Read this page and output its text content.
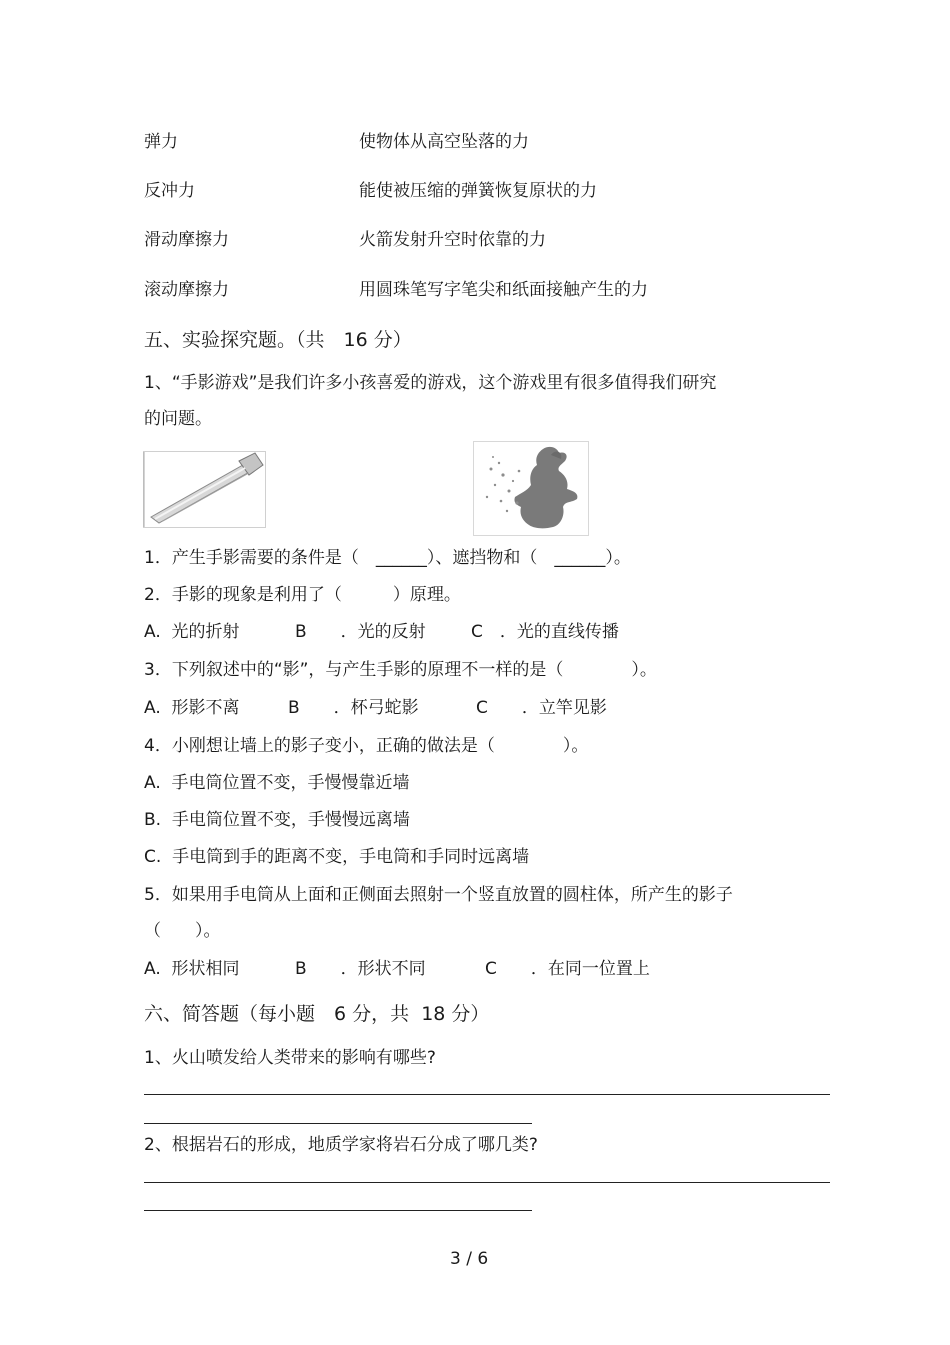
弹力	使物体从高空坠落的力
反冲力	能使被压缩的弹簧恢复原状的力
滑动摩擦力	火箭发射升空时依靠的力
滚动摩擦力	用圆珠笔写字笔尖和纸面接触产生的力
五、实验探究题。（共　16 分）
1、“手影游戏”是我们许多小孩喜爱的游戏，这个游戏里有很多值得我们研究
的问题。
1．产生手影需要的条件是（　______）、遮挡物和（　______）。
2．手影的现象是利用了（　　　）原理。
A.  光的折射	B　　．光的反射	C　．光的直线传播
3．下列叙述中的“影”，与产生手影的原理不一样的是（　　　　）。
A.  形影不离	B　　．杯弓蛇影	C　　．立竿见影
4．小刚想让墙上的影子变小，正确的做法是（　　　　）。
A.  手电筒位置不变，手慢慢靠近墙
B.  手电筒位置不变，手慢慢远离墙
C.  手电筒到手的距离不变，手电筒和手同时远离墙
5．如果用手电筒从上面和正侧面去照射一个竖直放置的圆柱体，所产生的影子
（　　）。
A.  形状相同	B　　．形状不同	C　　．在同一位置上
六、简答题（每小题　6 分，共  18 分）
1、火山喷发给人类带来的影响有哪些?
2、根据岩石的形成，地质学家将岩石分成了哪几类?
3 / 6
